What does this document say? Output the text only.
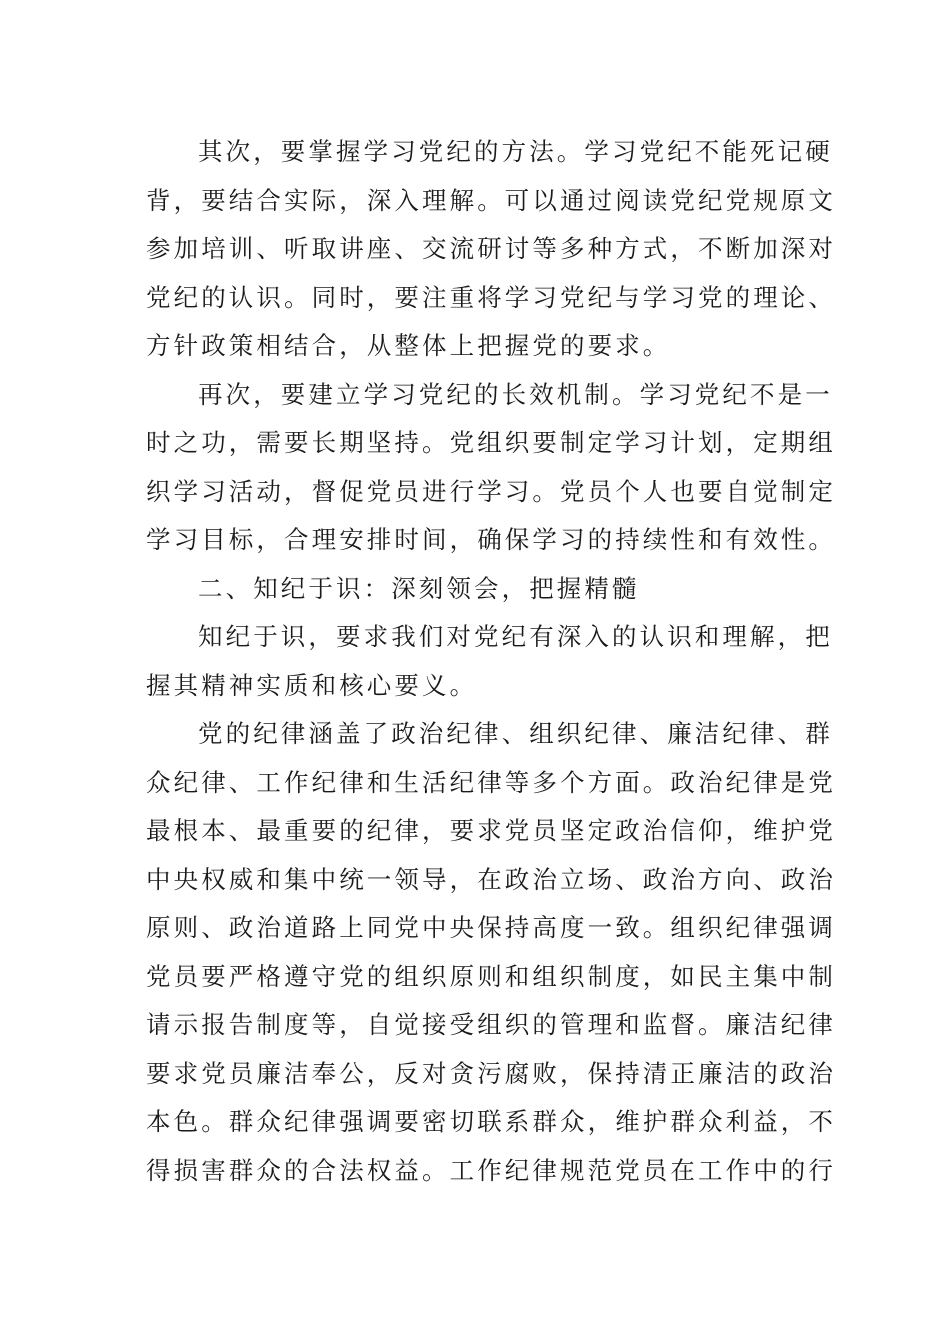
其次，要掌握学习党纪的方法。学习党纪不能死记硬
背，要结合实际，深入理解。可以通过阅读党纪党规原文
参加培训、听取讲座、交流研讨等多种方式，不断加深对
党纪的认识。同时，要注重将学习党纪与学习党的理论、
方针政策相结合，从整体上把握党的要求。

再次，要建立学习党纪的长效机制。学习党纪不是一
时之功，需要长期坚持。党组织要制定学习计划，定期组
织学习活动，督促党员进行学习。党员个人也要自觉制定
学习目标，合理安排时间，确保学习的持续性和有效性。

二、知纪于识：深刻领会，把握精髓

知纪于识，要求我们对党纪有深入的认识和理解，把
握其精神实质和核心要义。

党的纪律涵盖了政治纪律、组织纪律、廉洁纪律、群
众纪律、工作纪律和生活纪律等多个方面。政治纪律是党
最根本、最重要的纪律，要求党员坚定政治信仰，维护党
中央权威和集中统一领导，在政治立场、政治方向、政治
原则、政治道路上同党中央保持高度一致。组织纪律强调
党员要严格遵守党的组织原则和组织制度，如民主集中制
请示报告制度等，自觉接受组织的管理和监督。廉洁纪律
要求党员廉洁奉公，反对贪污腐败，保持清正廉洁的政治
本色。群众纪律强调要密切联系群众，维护群众利益，不
得损害群众的合法权益。工作纪律规范党员在工作中的行
